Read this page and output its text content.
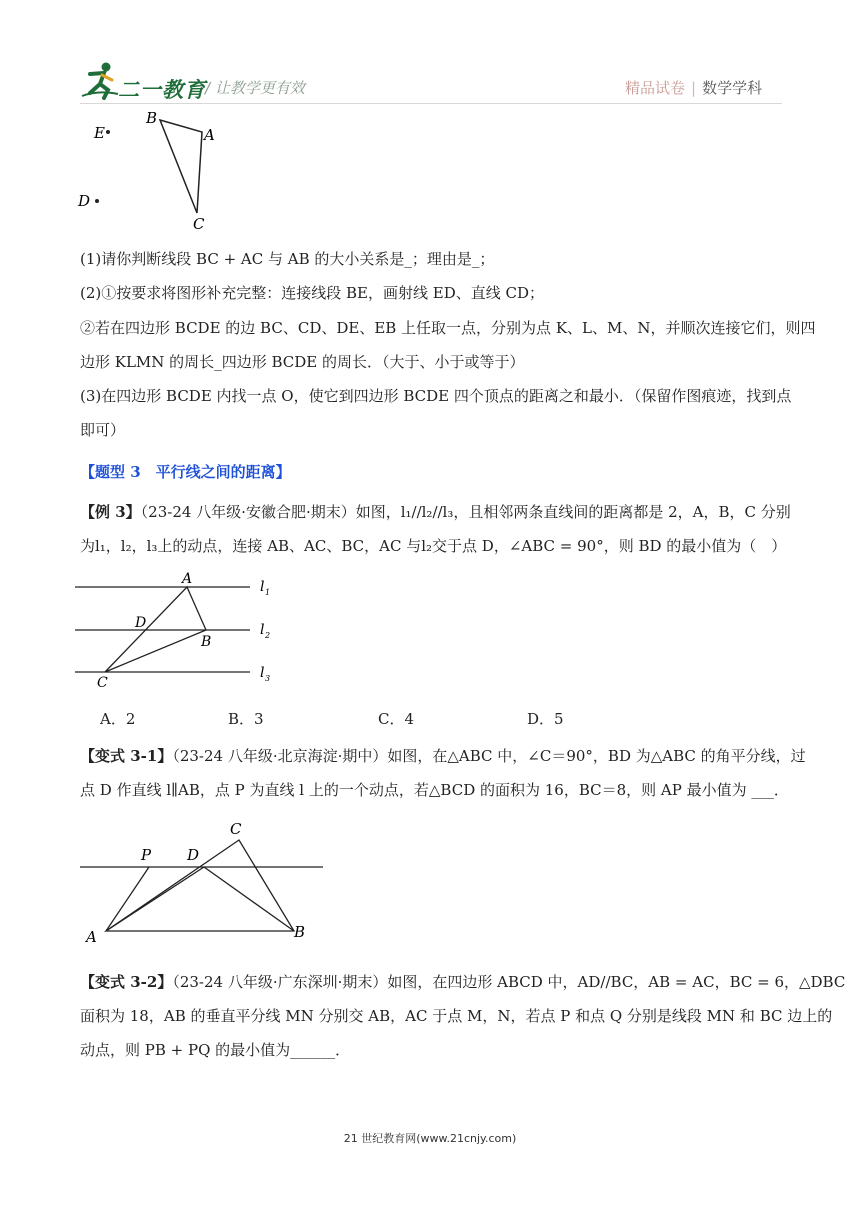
二一教育 / 让教学更有效	精品试卷 | 数学学科
B
A
E
D
C
(1)请你判断线段 BC + AC 与 AB 的大小关系是_；理由是_；
(2)①按要求将图形补充完整：连接线段 BE，画射线 ED、直线 CD；
②若在四边形 BCDE 的边 BC、CD、DE、EB 上任取一点，分别为点 K、L、M、N，并顺次连接它们，则四
边形 KLMN 的周长_四边形 BCDE 的周长．（大于、小于或等于）
(3)在四边形 BCDE 内找一点 O，使它到四边形 BCDE 四个顶点的距离之和最小．（保留作图痕迹，找到点
即可）
【题型 3　平行线之间的距离】
【例 3】（23-24 八年级·安徽合肥·期末）如图，l₁//l₂//l₃，且相邻两条直线间的距离都是 2，A，B，C 分别
为l₁，l₂，l₃上的动点，连接 AB、AC、BC，AC 与l₂交于点 D，∠ABC = 90°，则 BD 的最小值为（　）
A
D
B
C
l 1
l 2
l 3
A．2	B．3	C．4	D．5
【变式 3-1】（23-24 八年级·北京海淀·期中）如图，在△ABC 中，∠C＝90°，BD 为△ABC 的角平分线，过
点 D 作直线 l∥AB，点 P 为直线 l 上的一个动点，若△BCD 的面积为 16，BC＝8，则 AP 最小值为 ___．
C
P D
A	B
【变式 3-2】（23-24 八年级·广东深圳·期末）如图，在四边形 ABCD 中，AD//BC，AB = AC，BC = 6，△DBC
面积为 18，AB 的垂直平分线 MN 分别交 AB，AC 于点 M，N，若点 P 和点 Q 分别是线段 MN 和 BC 边上的
动点，则 PB + PQ 的最小值为______．
21 世纪教育网(www.21cnjy.com)
